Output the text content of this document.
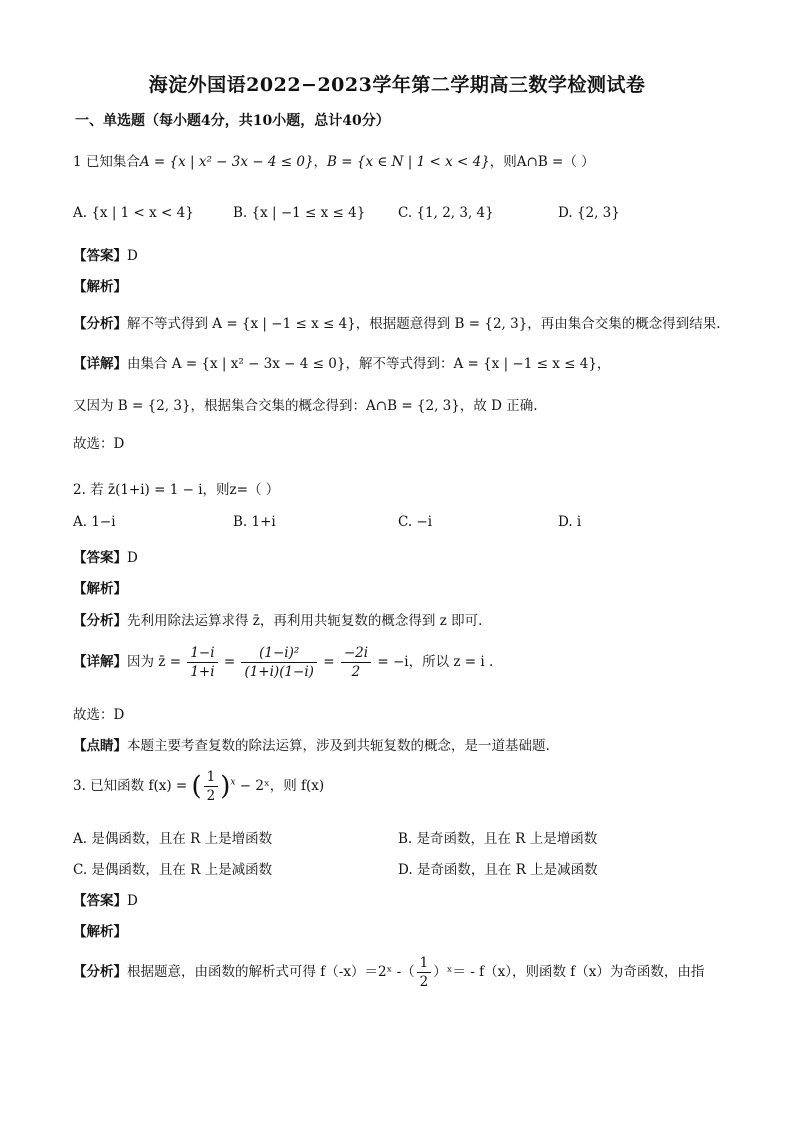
海淀外国语2022−2023学年第二学期高三数学检测试卷
一、单选题（每小题4分，共10小题，总计40分）
1 已知集合A = {x | x² − 3x − 4 ≤ 0}，B = {x ∈ N | 1 < x < 4}，则A∩B =（ ）
A. {x | 1 < x < 4}	B. {x | −1 ≤ x ≤ 4} C. {1, 2, 3, 4}	D. {2, 3}
【答案】D
【解析】
【分析】解不等式得到 A = {x | −1 ≤ x ≤ 4}，根据题意得到 B = {2, 3}，再由集合交集的概念得到结果.
【详解】由集合 A = {x | x² − 3x − 4 ≤ 0}，解不等式得到：A = {x | −1 ≤ x ≤ 4}，
又因为 B = {2, 3}，根据集合交集的概念得到：A∩B = {2, 3}，故 D 正确.
故选：D
2. 若 z̄(1+i) = 1 − i，则z=（ ）
A. 1−i	B. 1+i	C. −i	D. i
【答案】D
【解析】
【分析】先利用除法运算求得 z̄，再利用共轭复数的概念得到 z 即可.
【详解】因为 z̄ = $\frac{1-i}{1+i} = \frac{\text{(1−i)²}}{(1+i)(1-i)} = \frac{-2i}{2} = -i$，所以 z = i .
故选：D
【点睛】本题主要考查复数的除法运算，涉及到共轭复数的概念，是一道基础题.
3. 已知函数 f(x) = ( $\frac{1}{2} )^x$ − 2ˣ，则 f(x)
A. 是偶函数，且在 R 上是增函数	B. 是奇函数，且在 R 上是增函数
C. 是偶函数，且在 R 上是减函数	D. 是奇函数，且在 R 上是减函数
【答案】D
【解析】
【分析】根据题意，由函数的解析式可得 f（-x）＝2ˣ -（ $\frac{1}{2}$ ）ˣ＝ - f（x），则函数 f（x）为奇函数，由指
